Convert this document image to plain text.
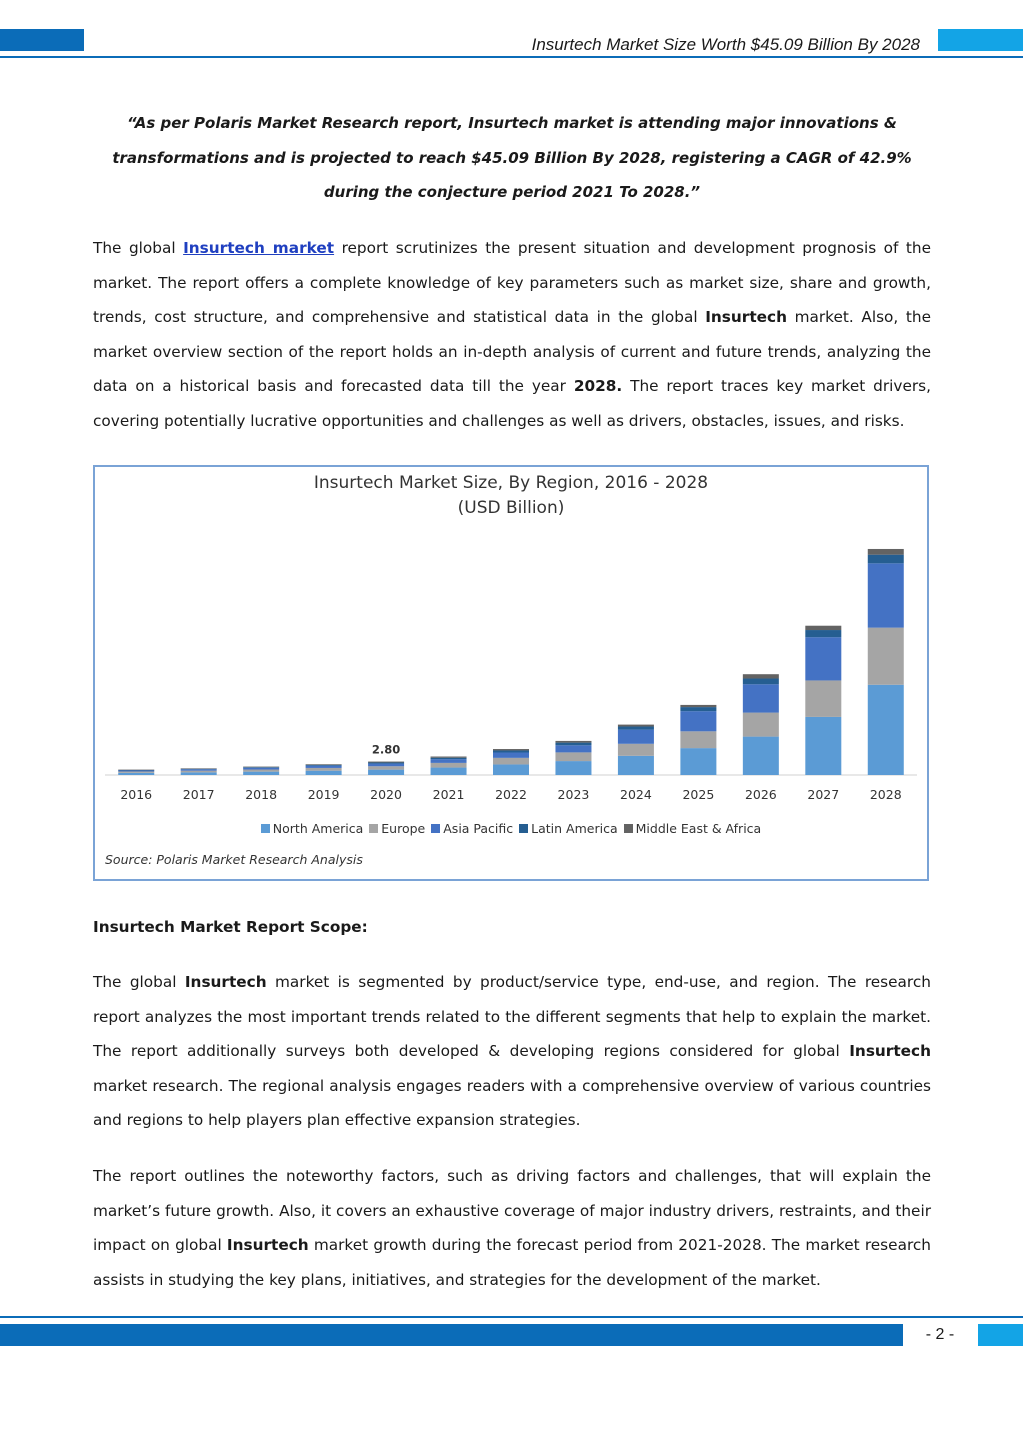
Insurtech Market Size Worth $45.09 Billion By 2028

“As per Polaris Market Research report, Insurtech market is attending major innovations & transformations and is projected to reach $45.09 Billion By 2028, registering a CAGR of 42.9% during the conjecture period 2021 To 2028.”

The global Insurtech market report scrutinizes the present situation and development prognosis of the market. The report offers a complete knowledge of key parameters such as market size, share and growth, trends, cost structure, and comprehensive and statistical data in the global Insurtech market. Also, the market overview section of the report holds an in-depth analysis of current and future trends, analyzing the data on a historical basis and forecasted data till the year 2028. The report traces key market drivers, covering potentially lucrative opportunities and challenges as well as drivers, obstacles, issues, and risks.

Insurtech Market Size, By Region, 2016 - 2028
(USD Billion)
2016 2017 2018 2019 2020
2.80
2021 2022 2023 2024 2025 2026 2027 2028
North America Europe Asia Pacific Latin America Middle East & Africa
Source: Polaris Market Research Analysis

Insurtech Market Report Scope:

The global Insurtech market is segmented by product/service type, end-use, and region. The research report analyzes the most important trends related to the different segments that help to explain the market. The report additionally surveys both developed & developing regions considered for global Insurtech market research. The regional analysis engages readers with a comprehensive overview of various countries and regions to help players plan effective expansion strategies.

The report outlines the noteworthy factors, such as driving factors and challenges, that will explain the market’s future growth. Also, it covers an exhaustive coverage of major industry drivers, restraints, and their impact on global Insurtech market growth during the forecast period from 2021-2028. The market research assists in studying the key plans, initiatives, and strategies for the development of the market.

- 2 -
